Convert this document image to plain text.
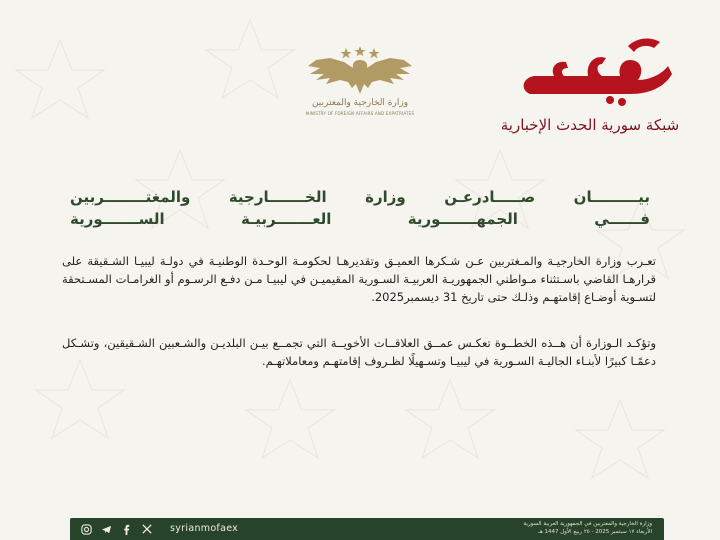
وزارة الخارجية والمغتربين
MINISTRY OF FOREIGN AFFAIRS AND EXPATRIATES
شبكة سورية الحدث الإخبارية
بيـــــــــان صـــــادرعـن وزارة الخـــــــارجية والمغتــــــــربين
فــــــي الجمهـــــــورية العـــــــربيـة الســـــــورية
تعـرب وزارة الخارجيـة والمـغتربين عـن شـكرها العميـق وتقديرهـا لحكومـة الوحـدة الوطنيـة في دولـة ليبيـا الشـقيقة على قرارهـا القاضي باسـتثناء مـواطني الجمهوريـة العربيـة السـورية المقيميـن في ليبيـا مـن دفـع الرسـوم أو الغرامـات المسـتحقة لتسـوية أوضـاع إقامتهـم وذلـك حتى تاريخ 31 ديسمبر2025.
وتؤكـد الـوزارة أن هــذه الخطــوة تعكـس عمــق العلاقــات الأخويــة التي تجمــع بيـن البلديـن والشـعبين الشـقيقين، وتشـكل دعمًـا كبيرًا لأبنـاء الجاليـة السـورية في ليبيـا وتسـهيلًا لظـروف إقامتهـم ومعاملاتهـم.
syrianmofaex	وزارة الخارجية والمغتربين في الجمهورية العربية السورية
الأربعاء ١٧ سبتمبر 2025 - ٢٥ ربيع الأول 1447 هـ
